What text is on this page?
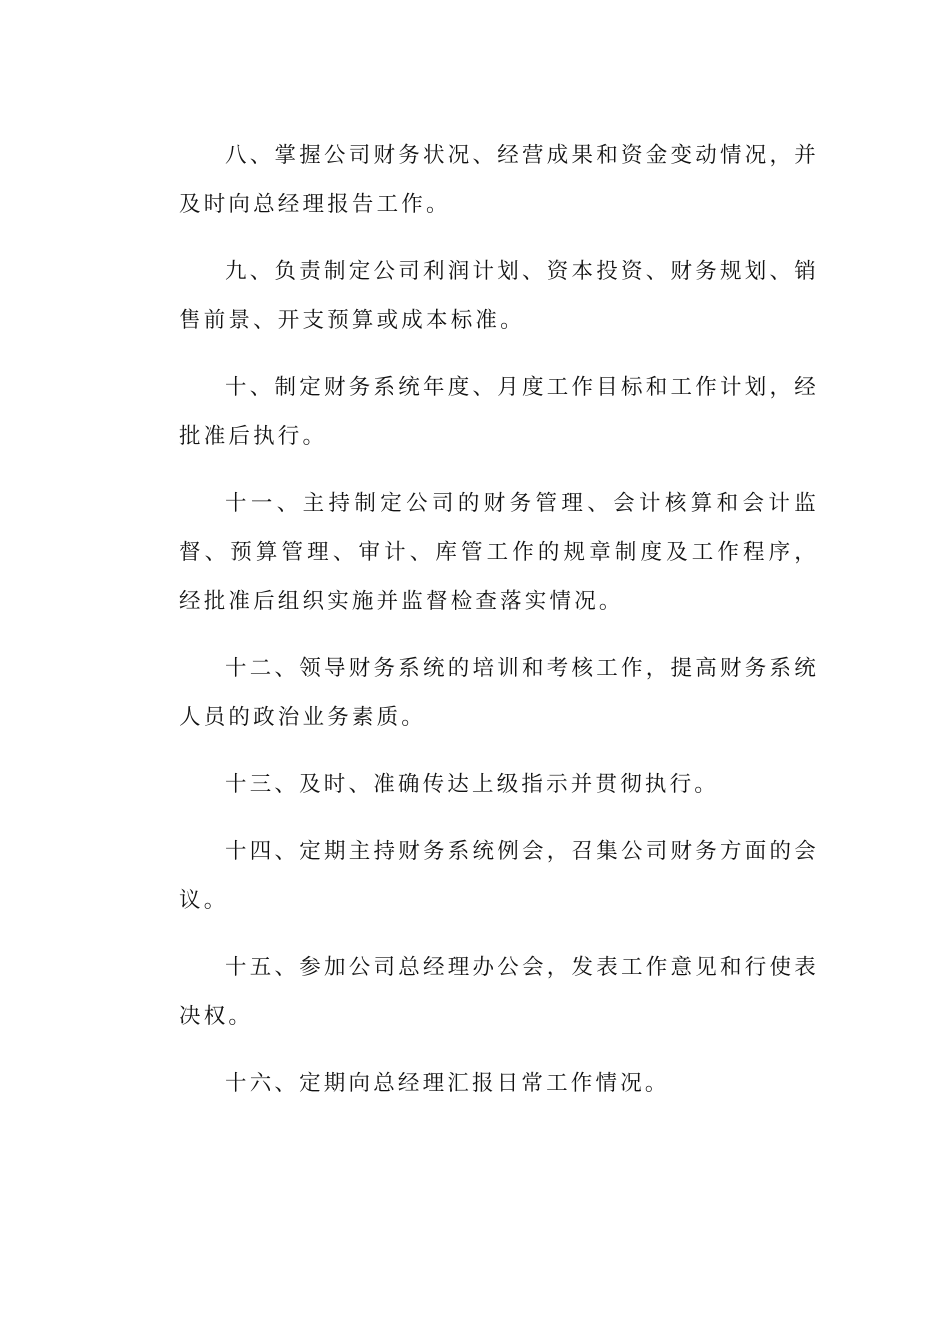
八、掌握公司财务状况、经营成果和资金变动情况，并及时向总经理报告工作。

九、负责制定公司利润计划、资本投资、财务规划、销售前景、开支预算或成本标准。

十、制定财务系统年度、月度工作目标和工作计划，经批准后执行。

十一、主持制定公司的财务管理、会计核算和会计监督、预算管理、审计、库管工作的规章制度及工作程序，经批准后组织实施并监督检查落实情况。

十二、领导财务系统的培训和考核工作，提高财务系统人员的政治业务素质。

十三、及时、准确传达上级指示并贯彻执行。

十四、定期主持财务系统例会，召集公司财务方面的会议。

十五、参加公司总经理办公会，发表工作意见和行使表决权。

十六、定期向总经理汇报日常工作情况。
